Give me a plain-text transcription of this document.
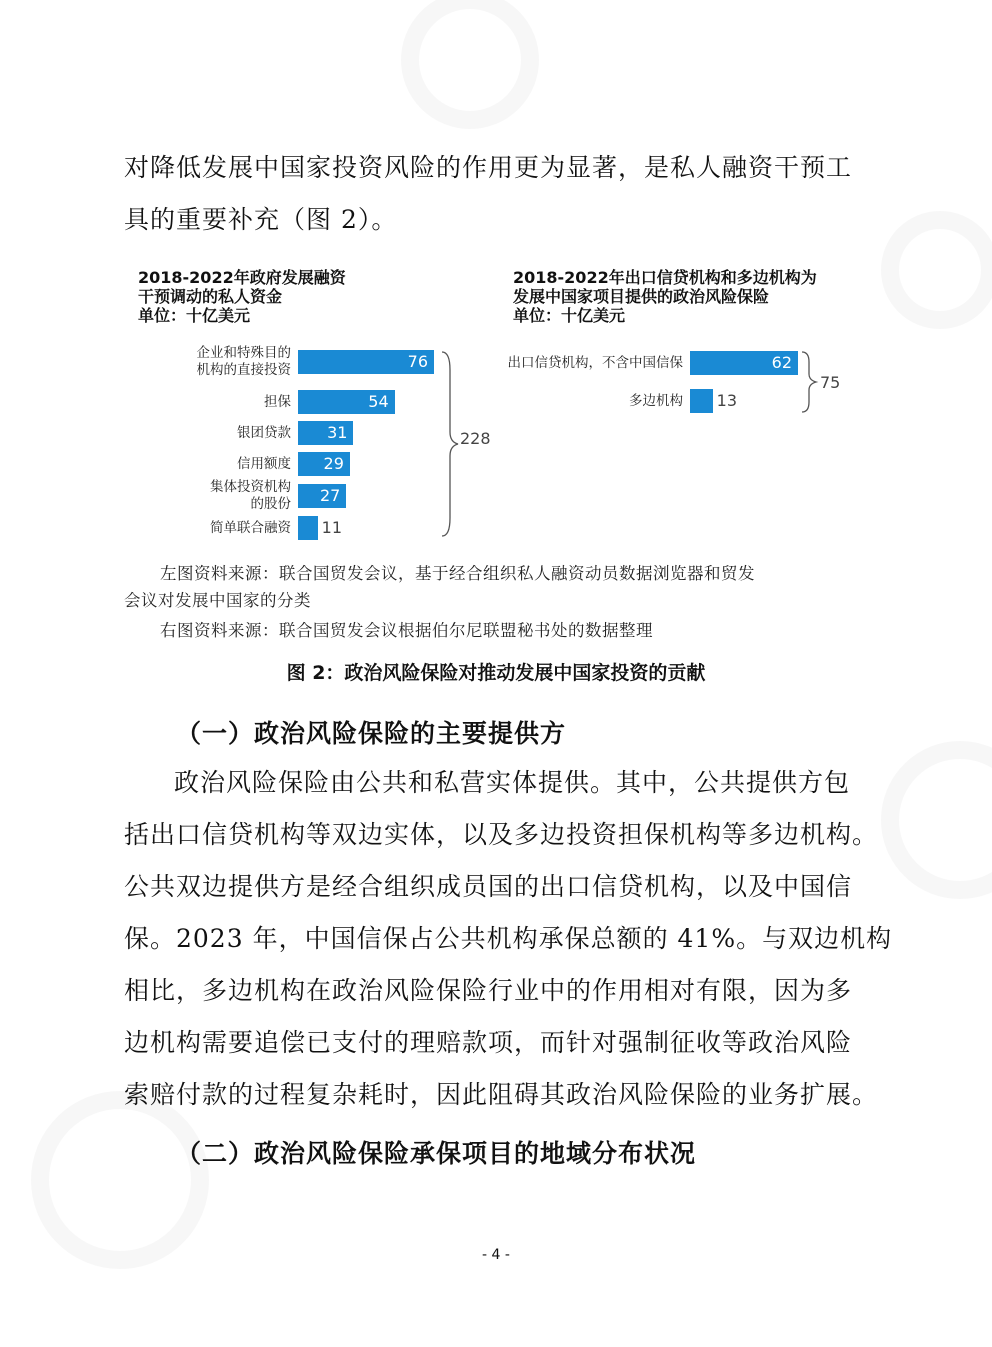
对降低发展中国家投资风险的作用更为显著，是私人融资干预工
具的重要补充（图 2）。
2018-2022年政府发展融资
干预调动的私人资金
单位：十亿美元
2018-2022年出口信贷机构和多边机构为
发展中国家项目提供的政治风险保险
单位：十亿美元
企业和特殊目的
机构的直接投资	76
担保	54
银团贷款	31
信用额度	29
集体投资机构
的股份	27
简单联合融资 11
出口信贷机构，不含中国信保	62
多边机构 13
228
75

左图资料来源：联合国贸发会议，基于经合组织私人融资动员数据浏览器和贸发

会议对发展中国家的分类

右图资料来源：联合国贸发会议根据伯尔尼联盟秘书处的数据整理

图 2：政治风险保险对推动发展中国家投资的贡献

（一）政治风险保险的主要提供方
政治风险保险由公共和私营实体提供。其中，公共提供方包
括出口信贷机构等双边实体，以及多边投资担保机构等多边机构。
公共双边提供方是经合组织成员国的出口信贷机构，以及中国信
保。2023 年，中国信保占公共机构承保总额的 41%。与双边机构
相比，多边机构在政治风险保险行业中的作用相对有限，因为多
边机构需要追偿已支付的理赔款项，而针对强制征收等政治风险
索赔付款的过程复杂耗时，因此阻碍其政治风险保险的业务扩展。
（二）政治风险保险承保项目的地域分布状况
- 4 -
